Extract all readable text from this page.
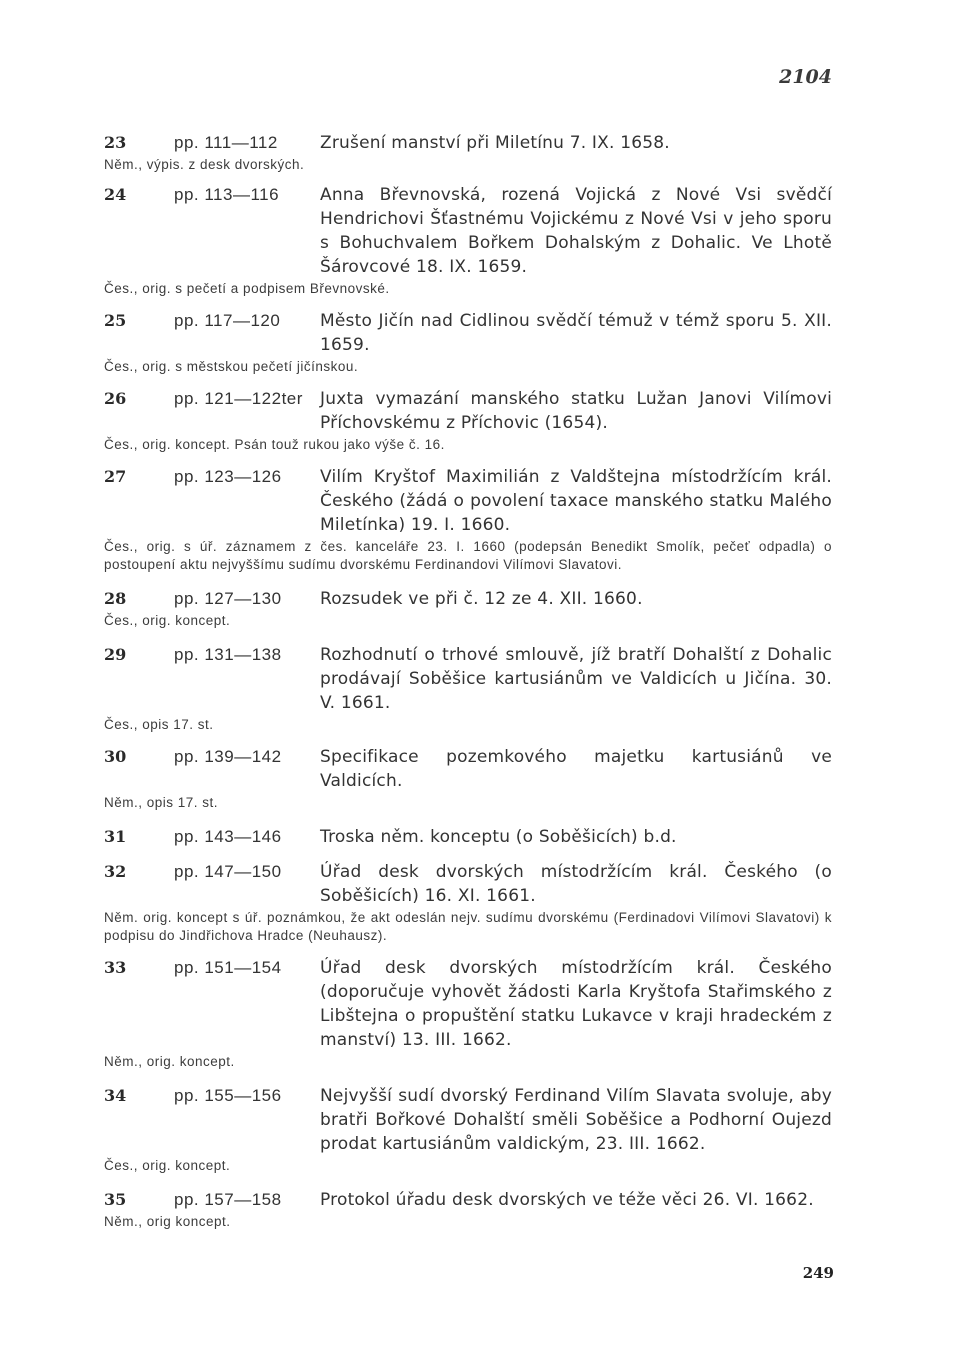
2104
23	pp. 111—112	Zrušení manství při Miletínu 7. IX. 1658.
Něm., výpis. z desk dvorských.
24	pp. 113—116	Anna Břevnovská, rozená Vojická z Nové Vsi svědčí Hendrichovi Šťastnému Vojickému z Nové Vsi v jeho sporu s Bohuchvalem Bořkem Dohalským z Dohalic. Ve Lhotě Šárovcové 18. IX. 1659.
Čes., orig. s pečetí a podpisem Břevnovské.
25	pp. 117—120	Město Jičín nad Cidlinou svědčí témuž v témž sporu 5. XII. 1659.
Čes., orig. s městskou pečetí jičínskou.
26	pp. 121—122ter	Juxta vymazání manského statku Lužan Janovi Vilímovi Příchovskému z Příchovic (1654).
Čes., orig. koncept. Psán touž rukou jako výše č. 16.
27	pp. 123—126	Vilím Kryštof Maximilián z Valdštejna místodržícím král. Českého (žádá o povolení taxace manského statku Malého Miletínka) 19. I. 1660.
Čes., orig. s úř. záznamem z čes. kanceláře 23. I. 1660 (podepsán Benedikt Smolík, pečeť odpadla) o postoupení aktu nejvyššímu sudímu dvorskému Ferdinandovi Vilímovi Slavatovi.
28	pp. 127—130	Rozsudek ve při č. 12 ze 4. XII. 1660.
Čes., orig. koncept.
29	pp. 131—138	Rozhodnutí o trhové smlouvě, jíž bratří Dohalští z Dohalic prodávají Soběšice kartusiánům ve Valdicích u Jičína. 30. V. 1661.
Čes., opis 17. st.
30	pp. 139—142	Specifikace pozemkového majetku kartusiánů ve Valdicích.
Něm., opis 17. st.
31	pp. 143—146	Troska něm. konceptu (o Soběšicích) b.d.
32	pp. 147—150	Úřad desk dvorských místodržícím král. Českého (o Soběšicích) 16. XI. 1661.
Něm. orig. koncept s úř. poznámkou, že akt odeslán nejv. sudímu dvorskému (Ferdinadovi Vilímovi Slavatovi) k podpisu do Jindřichova Hradce (Neuhausz).
33	pp. 151—154	Úřad desk dvorských místodržícím král. Českého (doporučuje vyhovět žádosti Karla Kryštofa Stařimského z Libštejna o propuštění statku Lukavce v kraji hradeckém z manství) 13. III. 1662.
Něm., orig. koncept.
34	pp. 155—156	Nejvyšší sudí dvorský Ferdinand Vilím Slavata svoluje, aby bratři Bořkové Dohalští směli Soběšice a Podhorní Oujezd prodat kartusiánům valdickým, 23. III. 1662.
Čes., orig. koncept.
35	pp. 157—158	Protokol úřadu desk dvorských ve téže věci 26. VI. 1662.
Něm., orig koncept.
249
